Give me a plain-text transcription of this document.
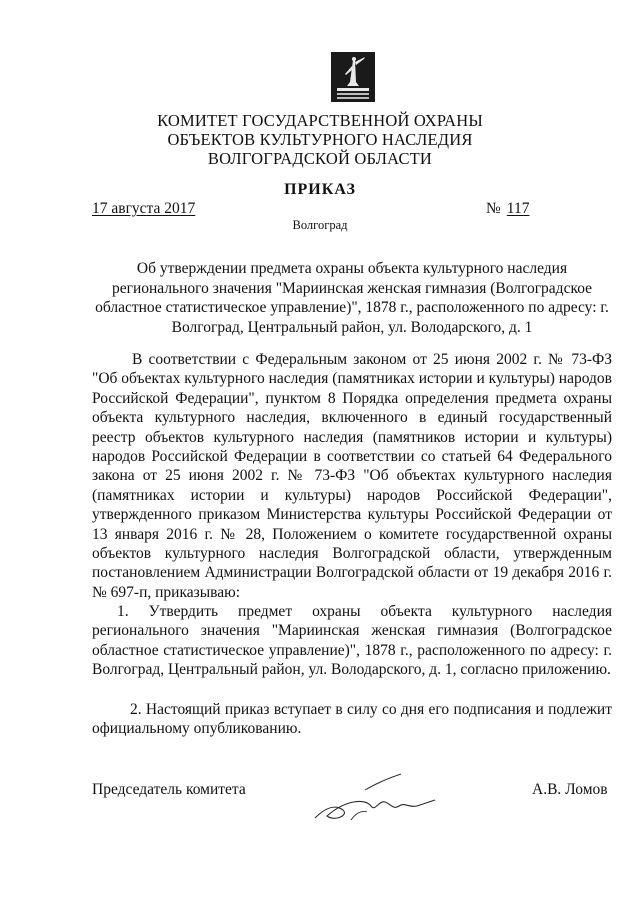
КОМИТЕТ ГОСУДАРСТВЕННОЙ ОХРАНЫ
ОБЪЕКТОВ КУЛЬТУРНОГО НАСЛЕДИЯ
ВОЛГОГРАДСКОЙ ОБЛАСТИ
ПРИКАЗ
17 августа 2017	№ 117
Волгоград
Об утверждении предмета охраны объекта культурного наследия регионального значения "Мариинская женская гимназия (Волгоградское областное статистическое управление)", 1878 г., расположенного по адресу: г. Волгоград, Центральный район, ул. Володарского, д. 1
В соответствии с Федеральным законом от 25 июня 2002 г. № 73-ФЗ "Об объектах культурного наследия (памятниках истории и культуры) народов Российской Федерации", пунктом 8 Порядка определения предмета охраны объекта культурного наследия, включенного в единый государственный реестр объектов культурного наследия (памятников истории и культуры) народов Российской Федерации в соответствии со статьей 64 Федерального закона от 25 июня 2002 г. № 73-ФЗ "Об объектах культурного наследия (памятниках истории и культуры) народов Российской Федерации", утвержденного приказом Министерства культуры Российской Федерации от 13 января 2016 г. № 28, Положением о комитете государственной охраны объектов культурного наследия Волгоградской области, утвержденным постановлением Администрации Волгоградской области от 19 декабря 2016 г. № 697-п, приказываю:
1. Утвердить предмет охраны объекта культурного наследия регионального значения "Мариинская женская гимназия (Волгоградское областное статистическое управление)", 1878 г., расположенного по адресу: г. Волгоград, Центральный район, ул. Володарского, д. 1, согласно приложению.
2. Настоящий приказ вступает в силу со дня его подписания и подлежит официальному опубликованию.
Председатель комитета	А.В. Ломов
